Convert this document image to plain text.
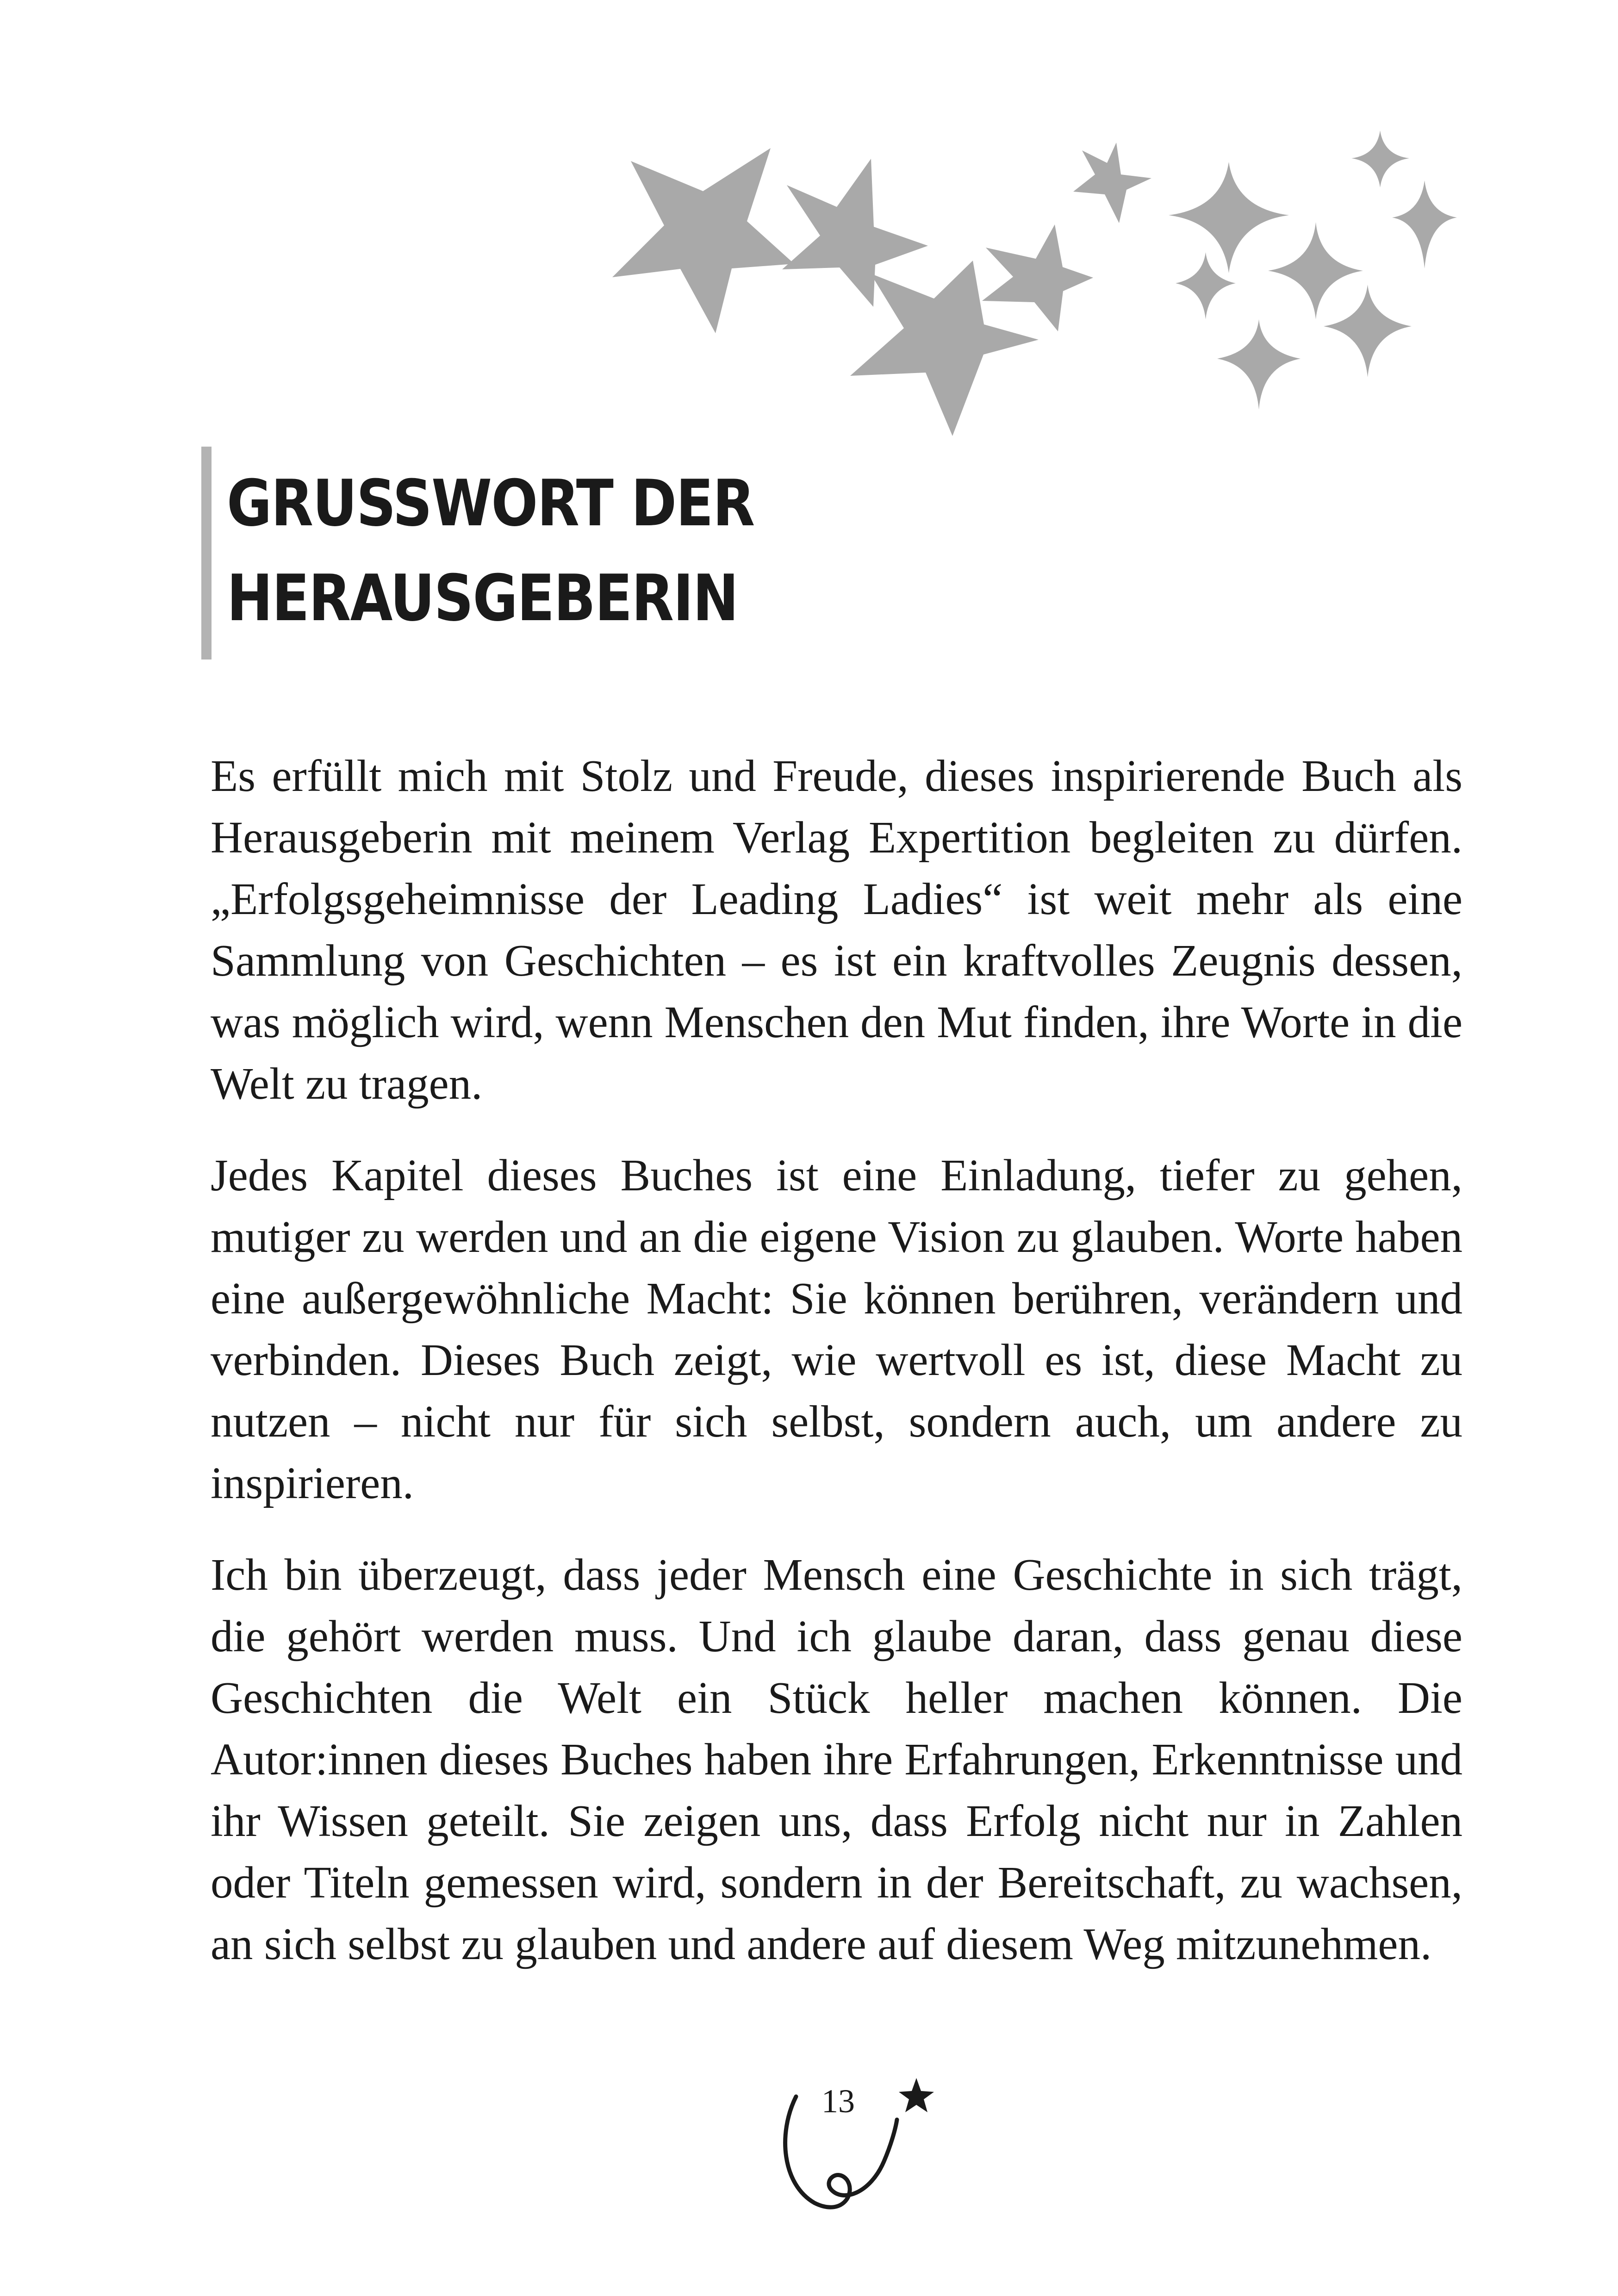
GRUSSWORT DER
HERAUSGEBERIN

Es erfüllt mich mit Stolz und Freude, dieses inspirierende Buch als Herausgeberin mit meinem Verlag Expertition begleiten zu dürfen. „Erfolgsgeheimnisse der Leading Ladies“ ist weit mehr als eine Sammlung von Geschichten – es ist ein kraftvolles Zeugnis dessen, was möglich wird, wenn Menschen den Mut finden, ihre Worte in die Welt zu tragen.

Jedes Kapitel dieses Buches ist eine Einladung, tiefer zu gehen, mutiger zu werden und an die eigene Vision zu glauben. Worte haben eine außergewöhnliche Macht: Sie können berühren, verändern und verbinden. Dieses Buch zeigt, wie wertvoll es ist, diese Macht zu nutzen – nicht nur für sich selbst, sondern auch, um andere zu inspirieren.

Ich bin überzeugt, dass jeder Mensch eine Geschichte in sich trägt, die gehört werden muss. Und ich glaube daran, dass genau diese Geschichten die Welt ein Stück heller machen können. Die Autor:innen dieses Buches haben ihre Erfahrungen, Erkenntnisse und ihr Wissen geteilt. Sie zeigen uns, dass Erfolg nicht nur in Zahlen oder Titeln gemessen wird, sondern in der Bereitschaft, zu wachsen, an sich selbst zu glauben und andere auf diesem Weg mitzunehmen.

13
